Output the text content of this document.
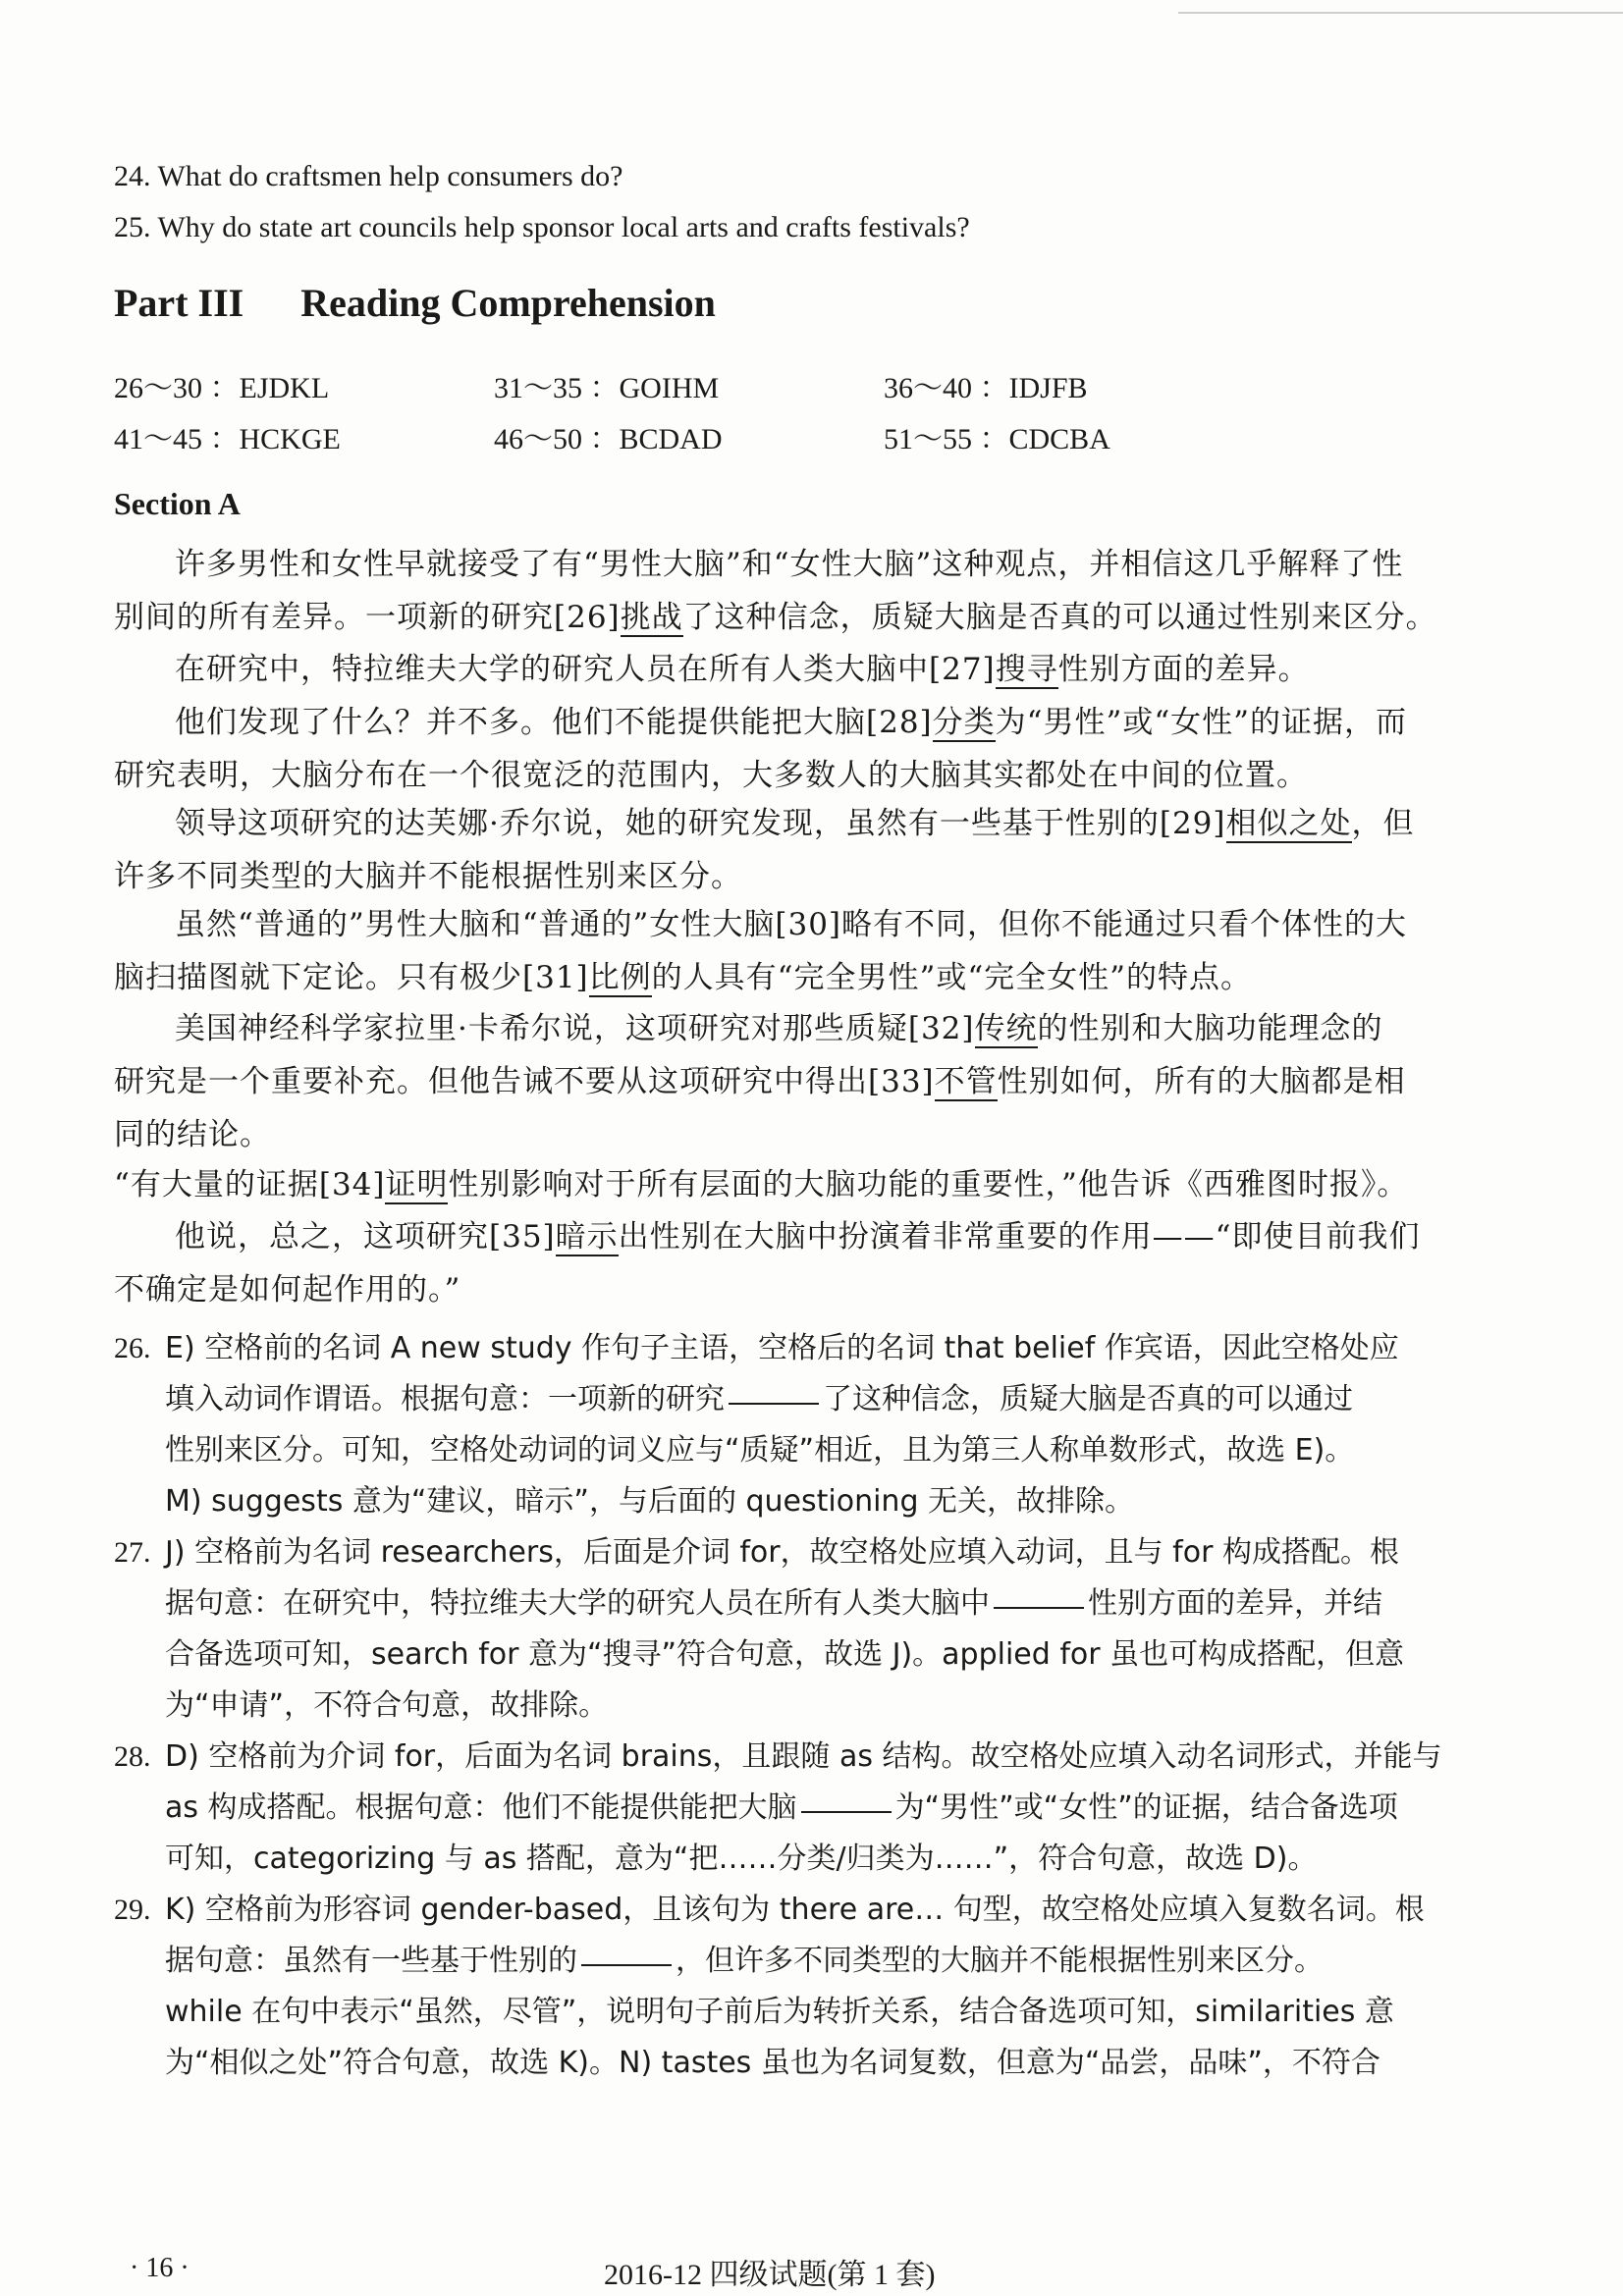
24. What do craftsmen help consumers do?
25. Why do state art councils help sponsor local arts and crafts festivals?
Part III Reading Comprehension
26～30 ：EJDKL	31～35 ：GOIHM	36～40 ：IDJFB
41～45 ：HCKGE	46～50 ：BCDAD	51～55 ：CDCBA
Section A
许多男性和女性早就接受了有“男性大脑”和“女性大脑”这种观点，并相信这几乎解释了性
别间的所有差异。一项新的研究[26]挑战了这种信念，质疑大脑是否真的可以通过性别来区分。
在研究中，特拉维夫大学的研究人员在所有人类大脑中[27]搜寻性别方面的差异。
他们发现了什么？并不多。他们不能提供能把大脑[28]分类为“男性”或“女性”的证据，而
研究表明，大脑分布在一个很宽泛的范围内，大多数人的大脑其实都处在中间的位置。
领导这项研究的达芙娜·乔尔说，她的研究发现，虽然有一些基于性别的[29]相似之处，但
许多不同类型的大脑并不能根据性别来区分。
虽然“普通的”男性大脑和“普通的”女性大脑[30]略有不同，但你不能通过只看个体性的大
脑扫描图就下定论。只有极少[31]比例的人具有“完全男性”或“完全女性”的特点。
美国神经科学家拉里·卡希尔说，这项研究对那些质疑[32]传统的性别和大脑功能理念的
研究是一个重要补充。但他告诫不要从这项研究中得出[33]不管性别如何，所有的大脑都是相
同的结论。
“有大量的证据[34]证明性别影响对于所有层面的大脑功能的重要性，”他告诉《西雅图时报》。
他说，总之，这项研究[35]暗示出性别在大脑中扮演着非常重要的作用——“即使目前我们
不确定是如何起作用的。”
26. E) 空格前的名词 A new study 作句子主语，空格后的名词 that belief 作宾语，因此空格处应
填入动词作谓语。根据句意：一项新的研究	了这种信念，质疑大脑是否真的可以通过
性别来区分。可知，空格处动词的词义应与“质疑”相近，且为第三人称单数形式，故选 E)。
M) suggests 意为“建议，暗示”，与后面的 questioning 无关，故排除。
27. J) 空格前为名词 researchers，后面是介词 for，故空格处应填入动词，且与 for 构成搭配。根
据句意：在研究中，特拉维夫大学的研究人员在所有人类大脑中	性别方面的差异，并结
合备选项可知，search for 意为“搜寻”符合句意，故选 J)。applied for 虽也可构成搭配，但意
为“申请”，不符合句意，故排除。
28. D) 空格前为介词 for，后面为名词 brains，且跟随 as 结构。故空格处应填入动名词形式，并能与
as 构成搭配。根据句意：他们不能提供能把大脑	为“男性”或“女性”的证据，结合备选项
可知，categorizing 与 as 搭配，意为“把……分类/归类为……”，符合句意，故选 D)。
29. K) 空格前为形容词 gender-based，且该句为 there are… 句型，故空格处应填入复数名词。根
据句意：虽然有一些基于性别的	，但许多不同类型的大脑并不能根据性别来区分。
while 在句中表示“虽然，尽管”，说明句子前后为转折关系，结合备选项可知，similarities 意
为“相似之处”符合句意，故选 K)。N) tastes 虽也为名词复数，但意为“品尝，品味”，不符合
· 16 ·	2016-12 四级试题(第 1 套)
